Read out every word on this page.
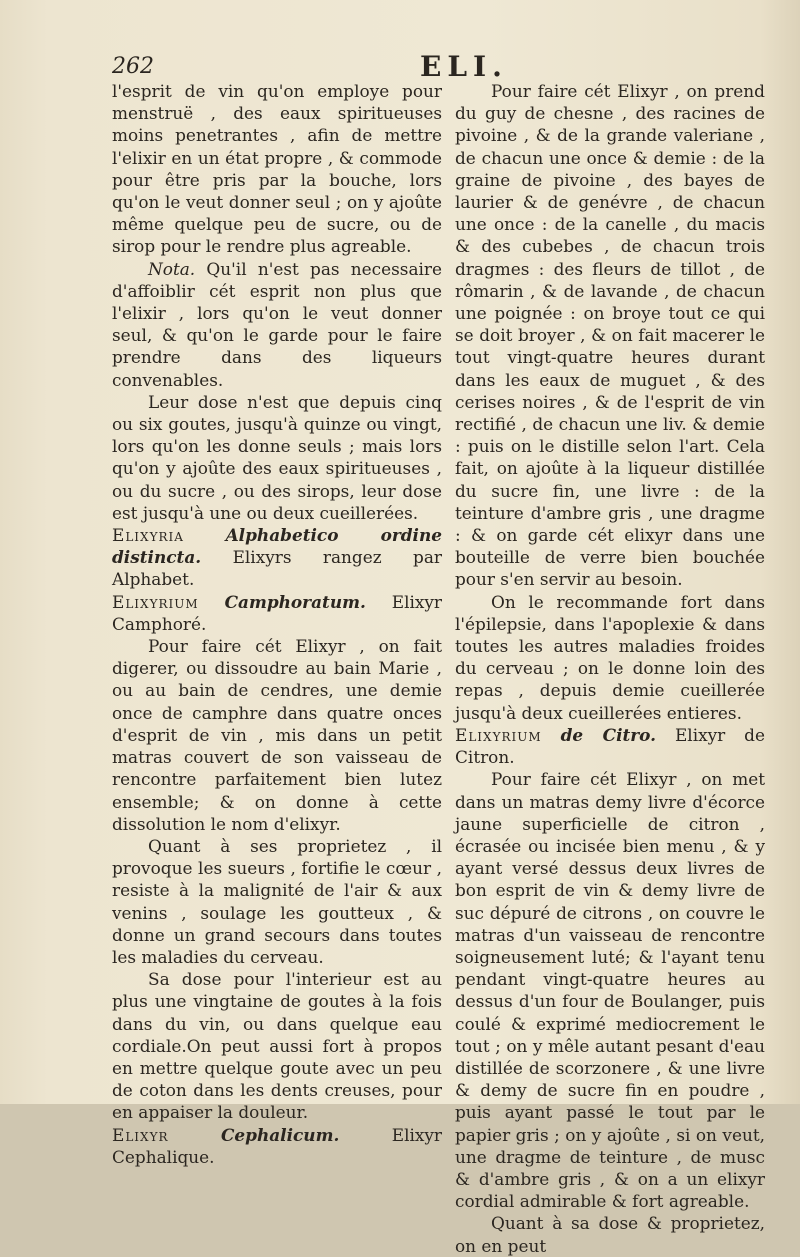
262	ELI.

l'esprit de vin qu'on employe pour menstruë , des eaux spiritueuses moins penetrantes , afin de mettre l'elixir en un état propre , & commode pour être pris par la bouche, lors qu'on le veut donner seul ; on y ajoûte même quelque peu de sucre, ou de sirop pour le rendre plus agreable.

Nota. Qu'il n'est pas necessaire d'affoiblir cét esprit non plus que l'elixir , lors qu'on le veut donner seul, & qu'on le garde pour le faire prendre dans des liqueurs convenables.

Leur dose n'est que depuis cinq ou six goutes, jusqu'à quinze ou vingt, lors qu'on les donne seuls ; mais lors qu'on y ajoûte des eaux spiritueuses , ou du sucre , ou des sirops, leur dose est jusqu'à une ou deux cueillerées.

Elixyria Alphabetico ordine distincta. Elixyrs rangez par Alphabet.

Elixyrium Camphoratum. Elixyr Camphoré.

Pour faire cét Elixyr , on fait digerer, ou dissoudre au bain Marie , ou au bain de cendres, une demie once de camphre dans quatre onces d'esprit de vin , mis dans un petit matras couvert de son vaisseau de rencontre parfaitement bien lutez ensemble; & on donne à cette dissolution le nom d'elixyr.

Quant à ses proprietez , il provoque les sueurs , fortifie le cœur , resiste à la malignité de l'air & aux venins , soulage les goutteux , & donne un grand secours dans toutes les maladies du cerveau.

Sa dose pour l'interieur est au plus une vingtaine de goutes à la fois dans du vin, ou dans quelque eau cordiale.On peut aussi fort à propos en mettre quelque goute avec un peu de coton dans les dents creuses, pour en appaiser la douleur.

Elixyr	Cephalicum.	Elixyr Cephalique.

Pour faire cét Elixyr , on prend du guy de chesne , des racines de pivoine , & de la grande valeriane , de chacun une once & demie : de la graine de pivoine , des bayes de laurier & de genévre , de chacun une once : de la canelle , du macis & des cubebes , de chacun trois dragmes : des fleurs de tillot , de rômarin , & de lavande , de chacun une poignée : on broye tout ce qui se doit broyer , & on fait macerer le tout vingt-quatre heures durant dans les eaux de muguet , & des cerises noires , & de l'esprit de vin rectifié , de chacun une liv. & demie : puis on le distille selon l'art. Cela fait, on ajoûte à la liqueur distillée du sucre fin, une livre : de la teinture d'ambre gris , une dragme : & on garde cét elixyr dans une bouteille de verre bien bouchée pour s'en servir au besoin.

On le recommande fort dans l'épilepsie, dans l'apoplexie & dans toutes les autres maladies froides du cerveau ; on le donne loin des repas , depuis demie cueillerée jusqu'à deux cueillerées entieres.

Elixyrium de Citro. Elixyr de Citron.

Pour faire cét Elixyr , on met dans un matras demy livre d'écorce jaune superficielle de citron , écrasée ou incisée bien menu , & y ayant versé dessus deux livres de bon esprit de vin & demy livre de suc dépuré de citrons , on couvre le matras d'un vaisseau de rencontre soigneusement luté; & l'ayant tenu pendant vingt-quatre heures au dessus d'un four de Boulanger, puis coulé & exprimé mediocrement le tout ; on y mêle autant pesant d'eau distillée de scorzonere , & une livre & demy de sucre fin en poudre , puis ayant passé le tout par le papier gris ; on y ajoûte , si on veut, une dragme de teinture , de musc & d'ambre gris , & on a un elixyr cordial admirable & fort agreable.

Quant à sa dose & proprietez, on en peut
